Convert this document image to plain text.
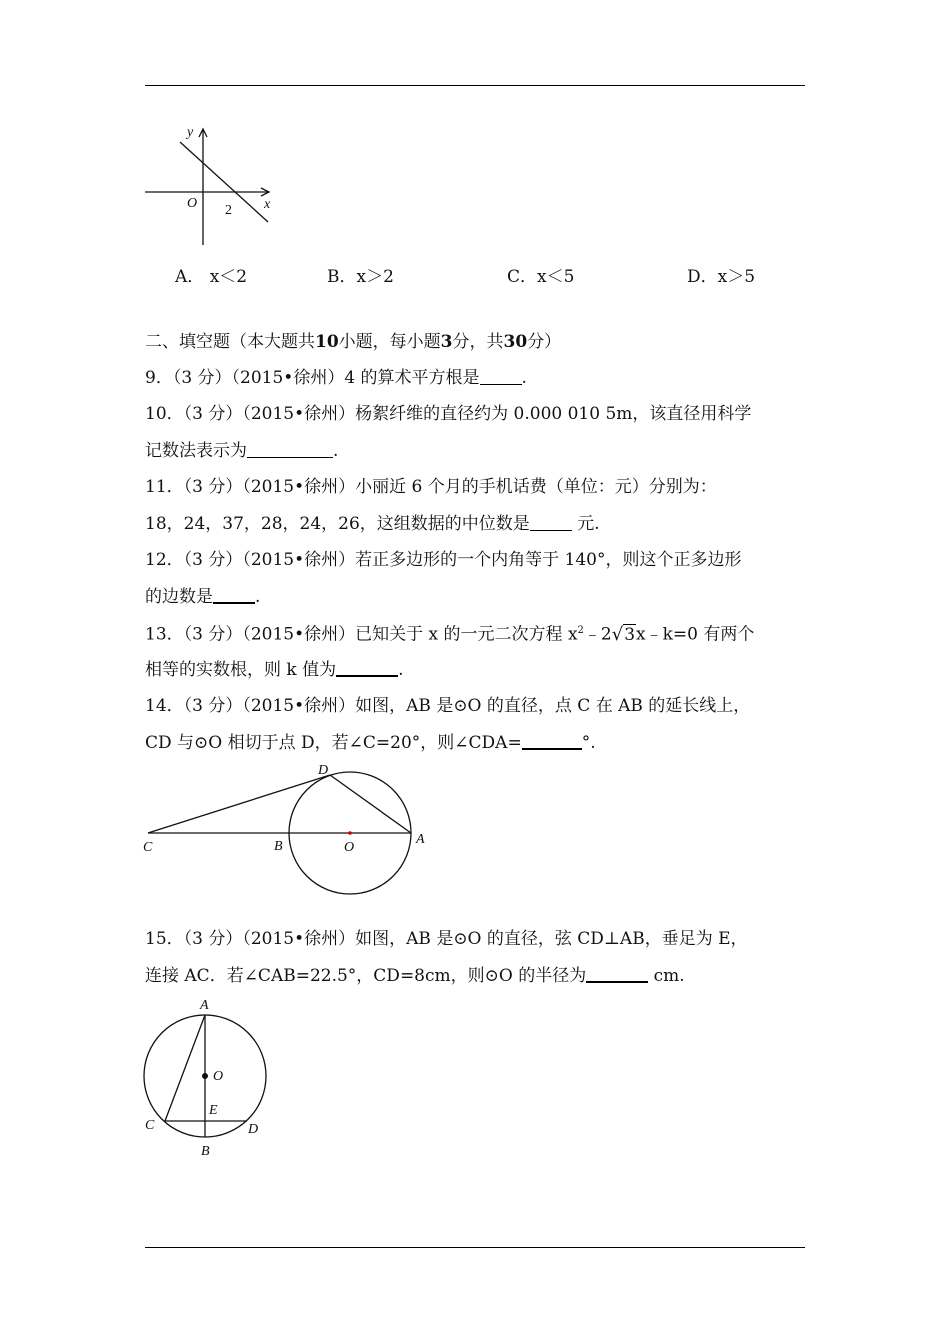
y
x
O 2
A． x＜2	B．x＞2	C．x＜5	D．x＞5
二、填空题（本大题共10小题，每小题3分，共30分）
9．（3 分）（2015•徐州）4 的算术平方根是 .
10．（3 分）（2015•徐州）杨絮纤维的直径约为 0.000 010 5m，该直径用科学
记数法表示为	.
11．（3 分）（2015•徐州）小丽近 6 个月的手机话费（单位：元）分别为：
18，24，37，28，24，26，这组数据的中位数是 元.
12．（3 分）（2015•徐州）若正多边形的一个内角等于 140°，则这个正多边形
的边数是 .
13．（3 分）（2015•徐州）已知关于 x 的一元二次方程 $x^2﹣2√3x﹣k=0$ 有两个
相等的实数根，则 k 值为	.
14．（3 分）（2015•徐州）如图，AB 是⊙O 的直径，点 C 在 AB 的延长线上，
CD 与⊙O 相切于点 D，若∠C=20°，则∠CDA=	°.
D
C	B	O
A
15．（3 分）（2015•徐州）如图，AB 是⊙O 的直径，弦 CD⊥AB，垂足为 E，
连接 AC．若∠CAB=22.5°，CD=8cm，则⊙O 的半径为	cm.
A
O
E
C	D
B
